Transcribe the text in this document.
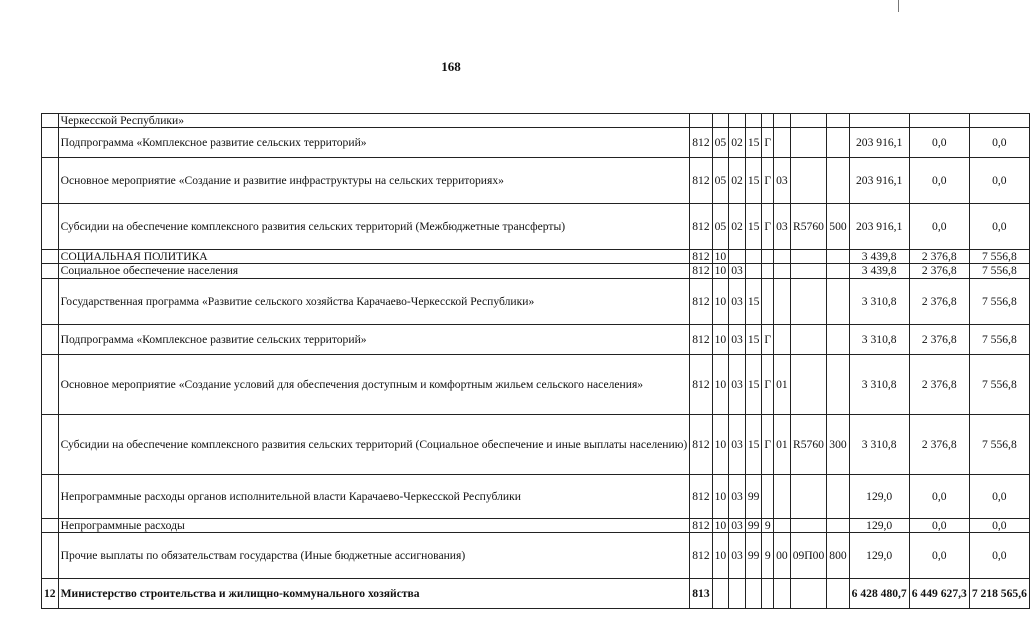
168
	Черкесской Республики»											
	Подпрограмма «Комплексное развитие сельских территорий»	812	05	02	15	Г				203 916,1	0,0	0,0
	Основное мероприятие «Создание и развитие инфраструктуры на сельских территориях»	812	05	02	15	Г	03			203 916,1	0,0	0,0
	Субсидии на обеспечение комплексного развития сельских территорий (Межбюджетные трансферты)	812	05	02	15	Г	03	R5760	500	203 916,1	0,0	0,0
	СОЦИАЛЬНАЯ ПОЛИТИКА	812	10							3 439,8	2 376,8	7 556,8
	Социальное обеспечение населения	812	10	03						3 439,8	2 376,8	7 556,8
	Государственная программа «Развитие сельского хозяйства Карачаево-Черкесской Республики»	812	10	03	15					3 310,8	2 376,8	7 556,8
	Подпрограмма «Комплексное развитие сельских территорий»	812	10	03	15	Г				3 310,8	2 376,8	7 556,8
	Основное мероприятие «Создание условий для обеспечения доступным и комфортным жильем сельского населения»	812	10	03	15	Г	01			3 310,8	2 376,8	7 556,8
	Субсидии на обеспечение комплексного развития сельских территорий (Социальное обеспечение и иные выплаты населению)	812	10	03	15	Г	01	R5760	300	3 310,8	2 376,8	7 556,8
	Непрограммные расходы органов исполнительной власти Карачаево-Черкесской Республики	812	10	03	99					129,0	0,0	0,0
	Непрограммные расходы	812	10	03	99	9				129,0	0,0	0,0
	Прочие выплаты по обязательствам государства (Иные бюджетные ассигнования)	812	10	03	99	9	00	09П00	800	129,0	0,0	0,0
12	Министерство строительства и жилищно-коммунального хозяйства	813								6 428 480,7	6 449 627,3	7 218 565,6
